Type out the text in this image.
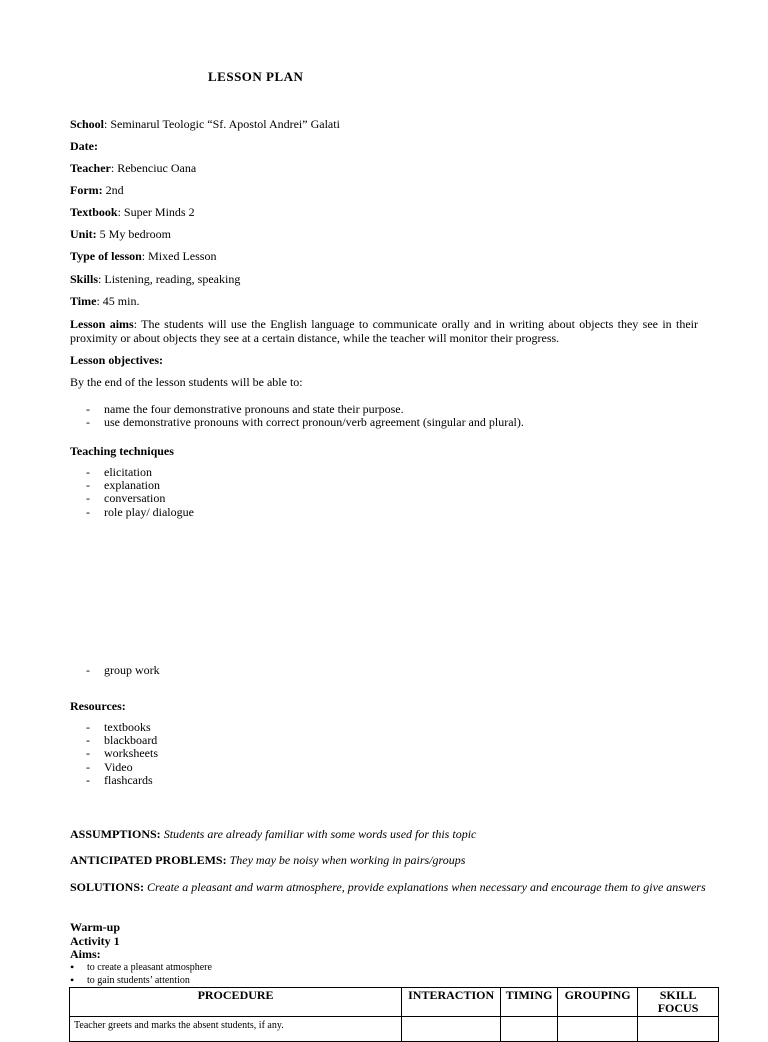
LESSON PLAN
School: Seminarul Teologic “Sf. Apostol Andrei” Galati
Date:
Teacher: Rebenciuc Oana
Form: 2nd
Textbook: Super Minds 2
Unit: 5 My bedroom
Type of lesson: Mixed Lesson
Skills: Listening, reading, speaking
Time: 45 min.
Lesson aims: The students will use the English language to communicate orally and in writing about objects they see in their proximity or about objects they see at a certain distance, while the teacher will monitor their progress.
Lesson objectives:
By the end of the lesson students will be able to:
- name the four demonstrative pronouns and state their purpose.
- use demonstrative pronouns with correct pronoun/verb agreement (singular and plural).
Teaching techniques
- elicitation
- explanation
- conversation
- role play/ dialogue
- group work
Resources:
- textbooks
- blackboard
- worksheets
- Video
- flashcards
ASSUMPTIONS: Students are already familiar with some words used for this topic
ANTICIPATED PROBLEMS: They may be noisy when working in pairs/groups
SOLUTIONS: Create a pleasant and warm atmosphere, provide explanations when necessary and encourage them to give answers
Warm-up
Activity 1
Aims:
• to create a pleasant atmosphere
• to gain students’ attention
PROCEDURE	INTERACTION	TIMING	GROUPING	SKILL FOCUS
Teacher greets and marks the absent students, if any.				
